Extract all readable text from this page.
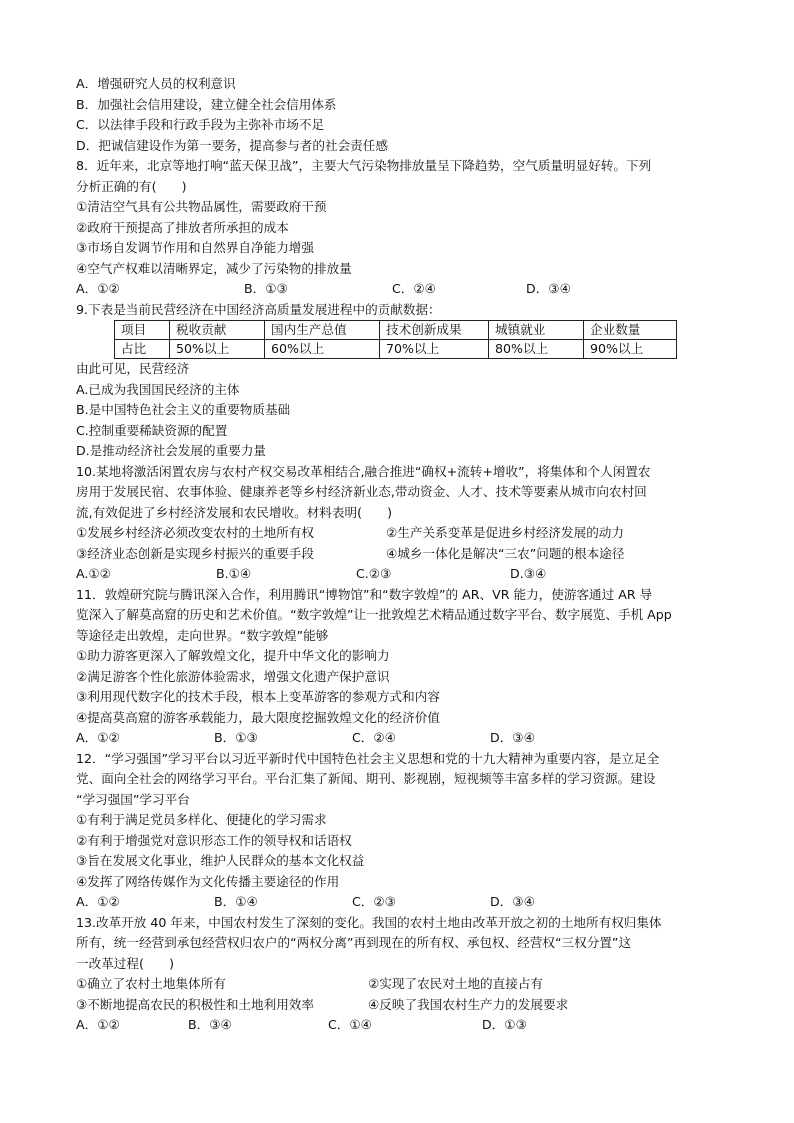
A．增强研究人员的权利意识
B．加强社会信用建设，建立健全社会信用体系
C．以法律手段和行政手段为主弥补市场不足
D．把诚信建设作为第一要务，提高参与者的社会责任感
8．近年来，北京等地打响“蓝天保卫战”，主要大气污染物排放量呈下降趋势，空气质量明显好转。下列
分析正确的有(　　)
①清洁空气具有公共物品属性，需要政府干预
②政府干预提高了排放者所承担的成本
③市场自发调节作用和自然界自净能力增强
④空气产权难以清晰界定，减少了污染物的排放量
A．①②	B．①③	C．②④	D．③④
9.下表是当前民营经济在中国经济高质量发展进程中的贡献数据：
项目	税收贡献	国内生产总值	技术创新成果	城镇就业	企业数量
占比	50%以上	60%以上	70%以上	80%以上	90%以上
由此可见，民营经济
A.已成为我国国民经济的主体
B.是中国特色社会主义的重要物质基础
C.控制重要稀缺资源的配置
D.是推动经济社会发展的重要力量
10.某地将激活闲置农房与农村产权交易改革相结合,融合推进“确权+流转+增收”，将集体和个人闲置农
房用于发展民宿、农事体验、健康养老等乡村经济新业态,带动资金、人才、技术等要素从城市向农村回
流,有效促进了乡村经济发展和农民增收。材料表明(　　)
①发展乡村经济必须改变农村的土地所有权	②生产关系变革是促进乡村经济发展的动力
③经济业态创新是实现乡村振兴的重要手段	④城乡一体化是解决“三农”问题的根本途径
A.①②	B.①④	C.②③	D.③④
11．敦煌研究院与腾讯深入合作，利用腾讯“博物馆”和“数字敦煌”的 AR、VR 能力，使游客通过 AR 导
览深入了解莫高窟的历史和艺术价值。“数字敦煌”让一批敦煌艺术精品通过数字平台、数字展览、手机 App
等途径走出敦煌，走向世界。“数字敦煌”能够
①助力游客更深入了解敦煌文化，提升中华文化的影响力
②满足游客个性化旅游体验需求，增强文化遗产保护意识
③利用现代数字化的技术手段，根本上变革游客的参观方式和内容
④提高莫高窟的游客承载能力，最大限度挖掘敦煌文化的经济价值
A．①②	B．①③	C．②④	D．③④
12．“学习强国”学习平台以习近平新时代中国特色社会主义思想和党的十九大精神为重要内容，是立足全
党、面向全社会的网络学习平台。平台汇集了新闻、期刊、影视剧，短视频等丰富多样的学习资源。建设
“学习强国”学习平台
①有利于满足党员多样化、便捷化的学习需求
②有利于增强党对意识形态工作的领导权和话语权
③旨在发展文化事业，维护人民群众的基本文化权益
④发挥了网络传媒作为文化传播主要途径的作用
A．①②	B．①④	C．②③	D．③④
13.改革开放 40 年来，中国农村发生了深刻的变化。我国的农村土地由改革开放之初的土地所有权归集体
所有，统一经营到承包经营权归农户的“两权分离”再到现在的所有权、承包权、经营权“三权分置”这
一改革过程(　　)
①确立了农村土地集体所有	②实现了农民对土地的直接占有
③不断地提高农民的积极性和土地利用效率	④反映了我国农村生产力的发展要求
A．①②	B．③④	C．①④	D．①③
